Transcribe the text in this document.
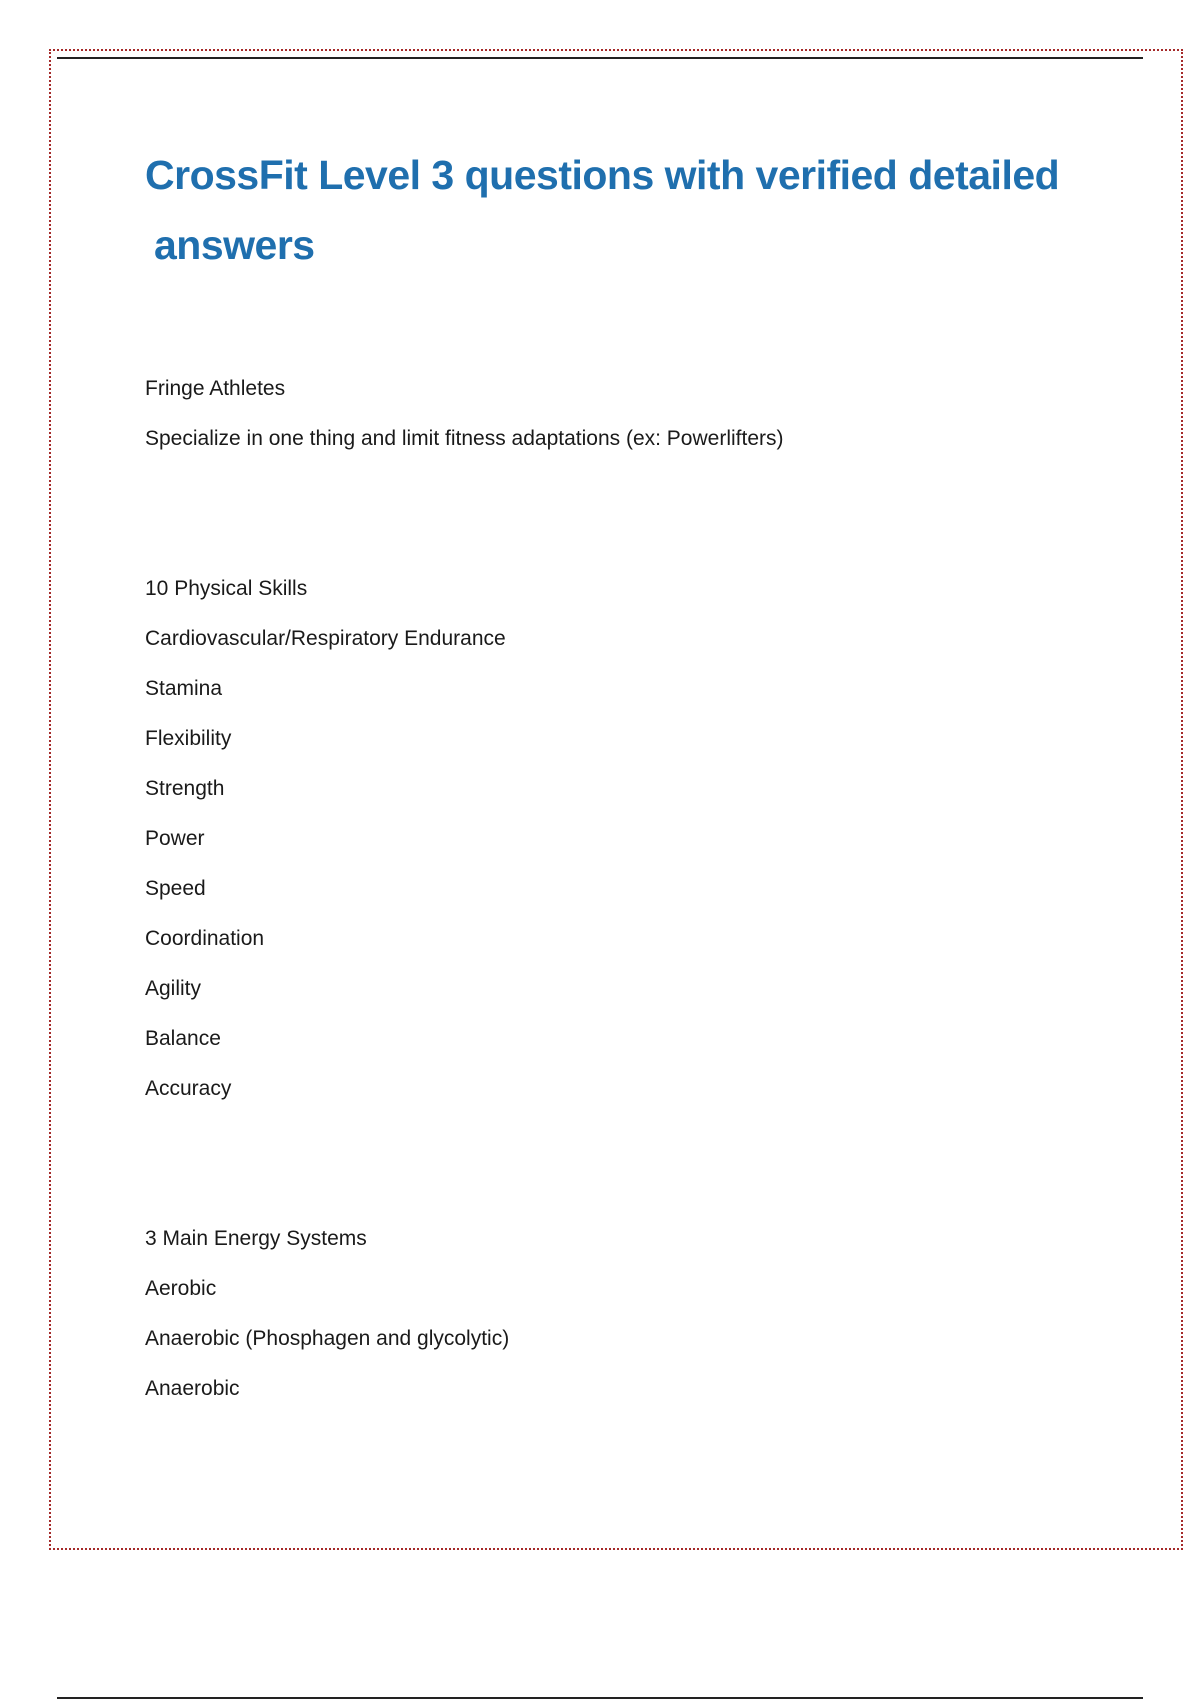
CrossFit Level 3 questions with verified detailed
answers

Fringe Athletes

Specialize in one thing and limit fitness adaptations (ex: Powerlifters)

10 Physical Skills

Cardiovascular/Respiratory Endurance

Stamina

Flexibility

Strength

Power

Speed

Coordination

Agility

Balance

Accuracy

3 Main Energy Systems

Aerobic

Anaerobic (Phosphagen and glycolytic)

Anaerobic
